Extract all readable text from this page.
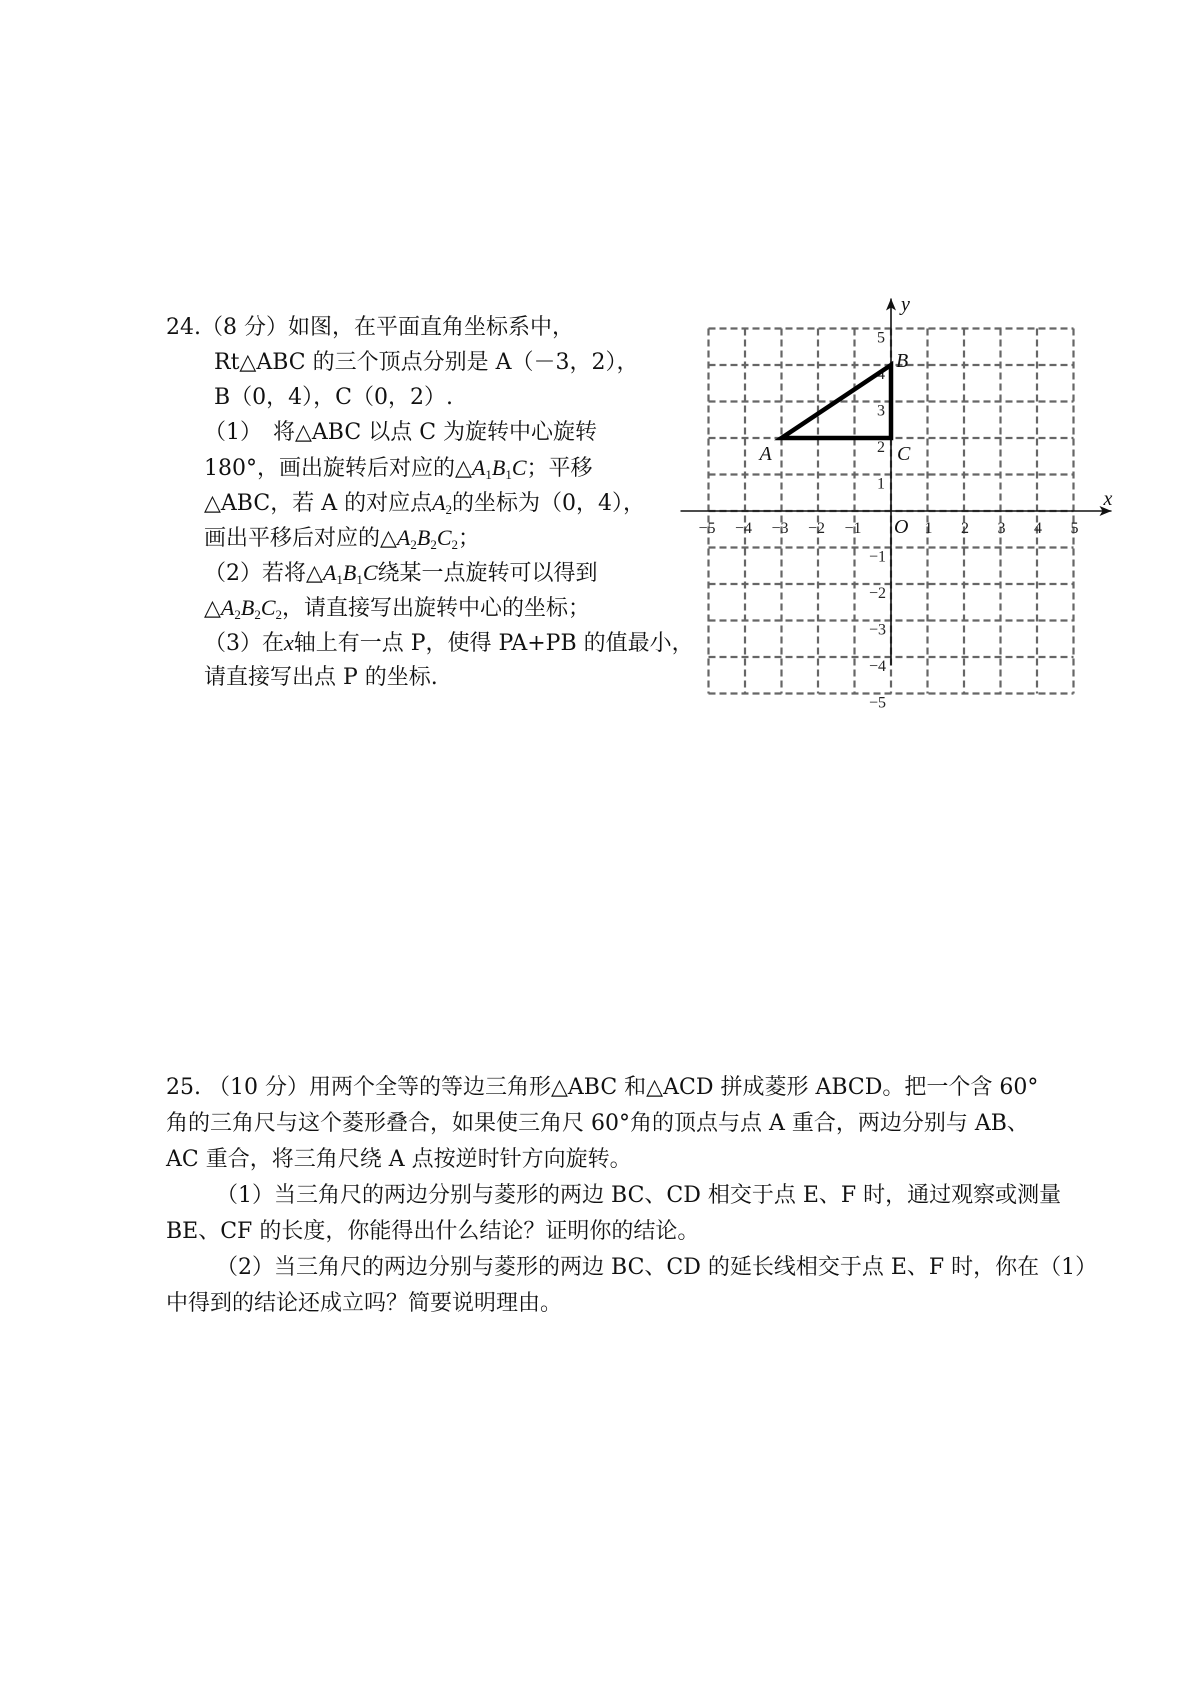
24.（8 分）如图，在平面直角坐标系中，
Rt△ABC 的三个顶点分别是 A（－3，2），
B（0，4），C（0，2）.
（1）　将△ABC 以点 C 为旋转中心旋转
180°，画出旋转后对应的$\triangle A_1B_1C$；平移
△ABC，若 A 的对应点$A_2$的坐标为（0，4），
画出平移后对应的$\triangle A_2B_2C_2$；
（2）若将$\triangle A_1B_1C$绕某一点旋转可以得到
$\triangle A_2B_2C_2$，请直接写出旋转中心的坐标；
（3）在x轴上有一点 P，使得 PA+PB 的值最小，
请直接写出点 P 的坐标.
x
y
O
−5 −4 −3 −2 −1	1 2 3 4 5
5
4
3
2
1
−1
−2
−3
−4
−5
A
B
C
25. （10 分）用两个全等的等边三角形△ABC 和△ACD 拼成菱形 ABCD。把一个含 60°
角的三角尺与这个菱形叠合，如果使三角尺 60°角的顶点与点 A 重合，两边分别与 AB、
AC 重合，将三角尺绕 A 点按逆时针方向旋转。
（1）当三角尺的两边分别与菱形的两边 BC、CD 相交于点 E、F 时，通过观察或测量
BE、CF 的长度，你能得出什么结论？证明你的结论。
（2）当三角尺的两边分别与菱形的两边 BC、CD 的延长线相交于点 E、F 时，你在（1）
中得到的结论还成立吗？简要说明理由。
